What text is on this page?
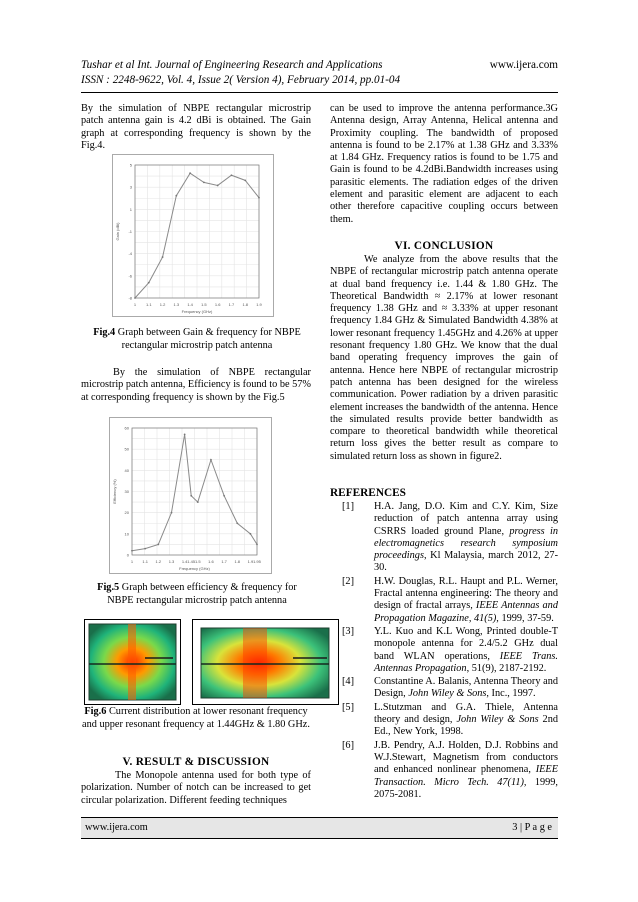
Tushar et al Int. Journal of Engineering Research and Applications
ISSN : 2248-9622, Vol. 4, Issue 2( Version 4), February 2014, pp.01-04
www.ijera.com
By the simulation of NBPE rectangular microstrip patch antenna gain is 4.2 dBi is obtained. The Gain graph at corresponding frequency is shown by the Fig.4.
1 1.1 1.2 1.3 1.4 1.5 1.6 1.7 1.8 1.9
-8
-6
-4
-1
1
3
5
Frequency (GHz)
Gain (dBi)
Fig.4 Graph between Gain & frequency for NBPE rectangular microstrip patch antenna
By the simulation of NBPE rectangular microstrip patch antenna, Efficiency is found to be 57% at corresponding frequency is shown by the Fig.5
1 1.1 1.2 1.3 1.4 1.45 1.5 1.6 1.7 1.8 1.9 1.95
0
10
20
30
40
50
60
Frequency (GHz)
Efficiency (%)
Fig.5 Graph between efficiency & frequency for NBPE rectangular microstrip patch antenna
Fig.6 Current distribution at lower resonant frequency and upper resonant frequency at 1.44GHz & 1.80 GHz.
V. RESULT & DISCUSSION
The Monopole antenna used for both type of polarization. Number of notch can be increased to get circular polarization. Different feeding techniques
can be used to improve the antenna performance.3G Antenna design, Array Antenna, Helical antenna and Proximity coupling. The bandwidth of proposed antenna is found to be 2.17% at 1.38 GHz and 3.33% at 1.84 GHz. Frequency ratios is found to be 1.75 and Gain is found to be 4.2dBi.Bandwidth increases using parasitic elements. The radiation edges of the driven element and parasitic element are adjacent to each other therefore capacitive coupling occurs between them.
VI. CONCLUSION
We analyze from the above results that the NBPE of rectangular microstrip patch antenna operate at dual band frequency i.e. 1.44 & 1.80 GHz. The Theoretical Bandwidth ≈ 2.17% at lower resonant frequency 1.38 GHz and ≈ 3.33% at upper resonant frequency 1.84 GHz & Simulated Bandwidth 4.38% at lower resonant frequency 1.45GHz and 4.26% at upper resonant frequency 1.80 GHz. We know that the dual band operating frequency improves the gain of antenna. Hence here NBPE of rectangular microstrip patch antenna has been designed for the wireless communication. Power radiation by a driven parasitic element increases the bandwidth of the antenna. Hence the simulated results provide better bandwidth as compare to theoretical bandwidth while theoretical return loss gives the better result as compare to simulated return loss as shown in figure2.
REFERENCES
[1] H.A. Jang, D.O. Kim and C.Y. Kim, Size reduction of patch antenna array using CSRRS loaded ground Plane, progress in electromagnetics research symposium proceedings, Kl Malaysia, march 2012, 27-30.
[2] H.W. Douglas, R.L. Haupt and P.L. Werner, Fractal antenna engineering: The theory and design of fractal arrays, IEEE Antennas and Propagation Magazine, 41(5), 1999, 37-59.
[3] Y.L. Kuo and K.L Wong, Printed double-T monopole antenna for 2.4/5.2 GHz dual band WLAN operations, IEEE Trans. Antennas Propagation, 51(9), 2187-2192.
[4] Constantine A. Balanis, Antenna Theory and Design, John Wiley & Sons, Inc., 1997.
[5] L.Stutzman and G.A. Thiele, Antenna theory and design, John Wiley & Sons 2nd Ed., New York, 1998.
[6] J.B. Pendry, A.J. Holden, D.J. Robbins and W.J.Stewart, Magnetism from conductors and enhanced nonlinear phenomena, IEEE Transaction. Micro Tech. 47(11), 1999, 2075-2081.
www.ijera.com	3 | P a g e
